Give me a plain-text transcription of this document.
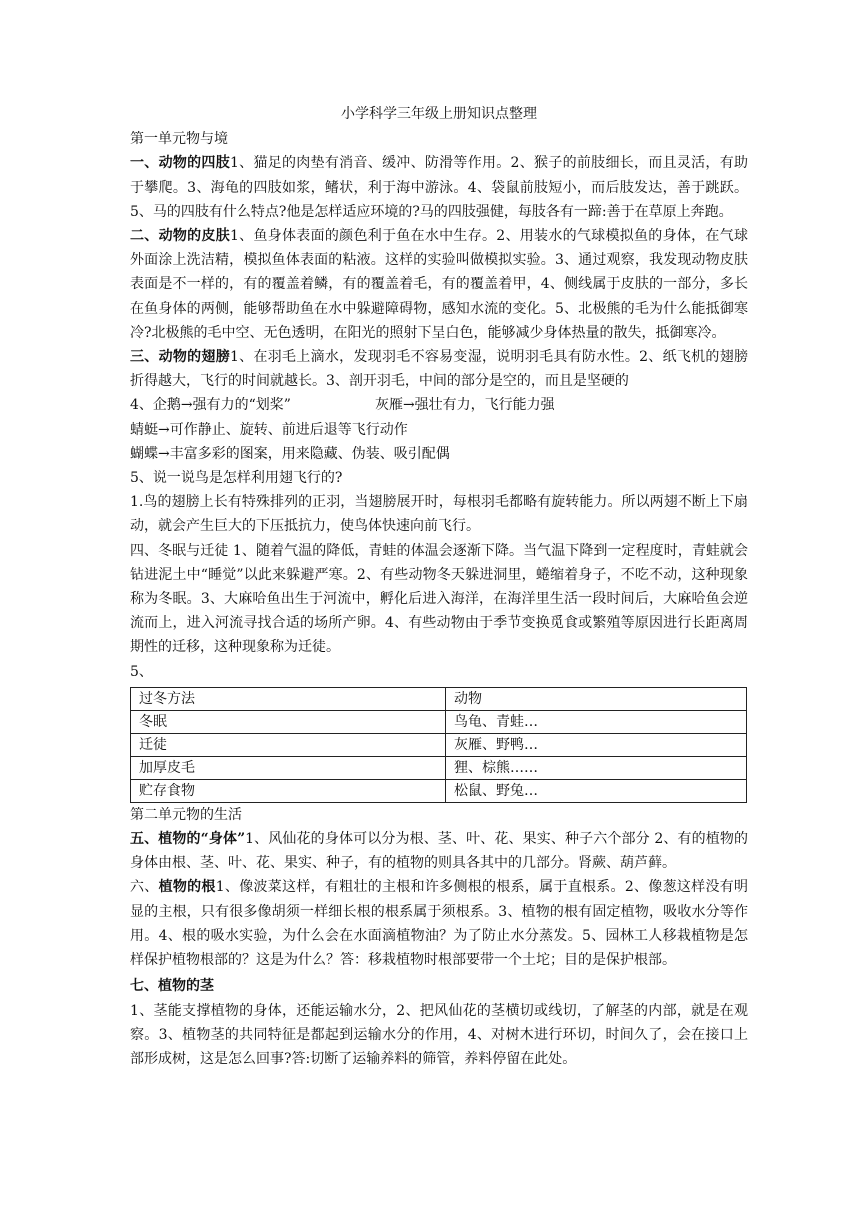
小学科学三年级上册知识点整理

第一单元物与境

一、动物的四肢1、猫足的肉垫有消音、缓冲、防滑等作用。2、猴子的前肢细长，而且灵活，有助于攀爬。3、海龟的四肢如浆，鳍状，利于海中游泳。4、袋鼠前肢短小，而后肢发达，善于跳跃。5、马的四肢有什么特点?他是怎样适应环境的?马的四肢强健，每肢各有一蹄:善于在草原上奔跑。

二、动物的皮肤1、鱼身体表面的颜色利于鱼在水中生存。2、用装水的气球模拟鱼的身体，在气球外面涂上洗洁精，模拟鱼体表面的粘液。这样的实验叫做模拟实验。3、通过观察，我发现动物皮肤表面是不一样的，有的覆盖着鳞，有的覆盖着毛，有的覆盖着甲，4、侧线属于皮肤的一部分，多长在鱼身体的两侧，能够帮助鱼在水中躲避障碍物，感知水流的变化。5、北极熊的毛为什么能抵御寒冷?北极熊的毛中空、无色透明，在阳光的照射下呈白色，能够减少身体热量的散失，抵御寒冷。

三、动物的翅膀1、在羽毛上滴水，发现羽毛不容易变湿，说明羽毛具有防水性。2、纸飞机的翅膀折得越大，飞行的时间就越长。3、剖开羽毛，中间的部分是空的，而且是坚硬的

4、企鹅→强有力的“划桨”	灰雁→强壮有力，飞行能力强

蜻蜓→可作静止、旋转、前进后退等飞行动作

蝴蝶→丰富多彩的图案，用来隐藏、伪装、吸引配偶

5、说一说鸟是怎样利用翅飞行的?

1.鸟的翅膀上长有特殊排列的正羽，当翅膀展开时，每根羽毛都略有旋转能力。所以两翅不断上下扇动，就会产生巨大的下压抵抗力，使鸟体快速向前飞行。

四、冬眠与迁徒 1、随着气温的降低，青蛙的体温会逐渐下降。当气温下降到一定程度时，青蛙就会钻进泥土中“睡觉”以此来躲避严寒。2、有些动物冬天躲进洞里，蜷缩着身子，不吃不动，这种现象称为冬眠。3、大麻哈鱼出生于河流中，孵化后进入海洋，在海洋里生活一段时间后，大麻哈鱼会逆流而上，进入河流寻找合适的场所产卵。4、有些动物由于季节变换觅食或繁殖等原因进行长距离周期性的迁移，这种现象称为迁徒。

5、

过冬方法	动物
冬眠	鸟龟、青蛙…
迁徒	灰雁、野鸭…
加厚皮毛	狸、棕熊……
贮存食物	松鼠、野兔…

第二单元物的生活

五、植物的“身体”1、风仙花的身体可以分为根、茎、叶、花、果实、种子六个部分 2、有的植物的身体由根、茎、叶、花、果实、种子，有的植物的则具各其中的几部分。肾蕨、葫芦藓。

六、植物的根1、像波菜这样，有粗壮的主根和许多侧根的根系，属于直根系。2、像葱这样没有明显的主根，只有很多像胡须一样细长根的根系属于须根系。3、植物的根有固定植物，吸收水分等作用。4、根的吸水实验，为什么会在水面滴植物油？为了防止水分蒸发。5、园林工人移栽植物是怎样保护植物根部的？这是为什么？答：移栽植物时根部要带一个土坨；目的是保护根部。

七、植物的茎

1、茎能支撑植物的身体，还能运输水分，2、把风仙花的茎横切或线切，了解茎的内部，就是在观察。3、植物茎的共同特征是都起到运输水分的作用，4、对树木进行环切，时间久了，会在接口上部形成树，这是怎么回事?答:切断了运输养料的筛管，养料停留在此处。
